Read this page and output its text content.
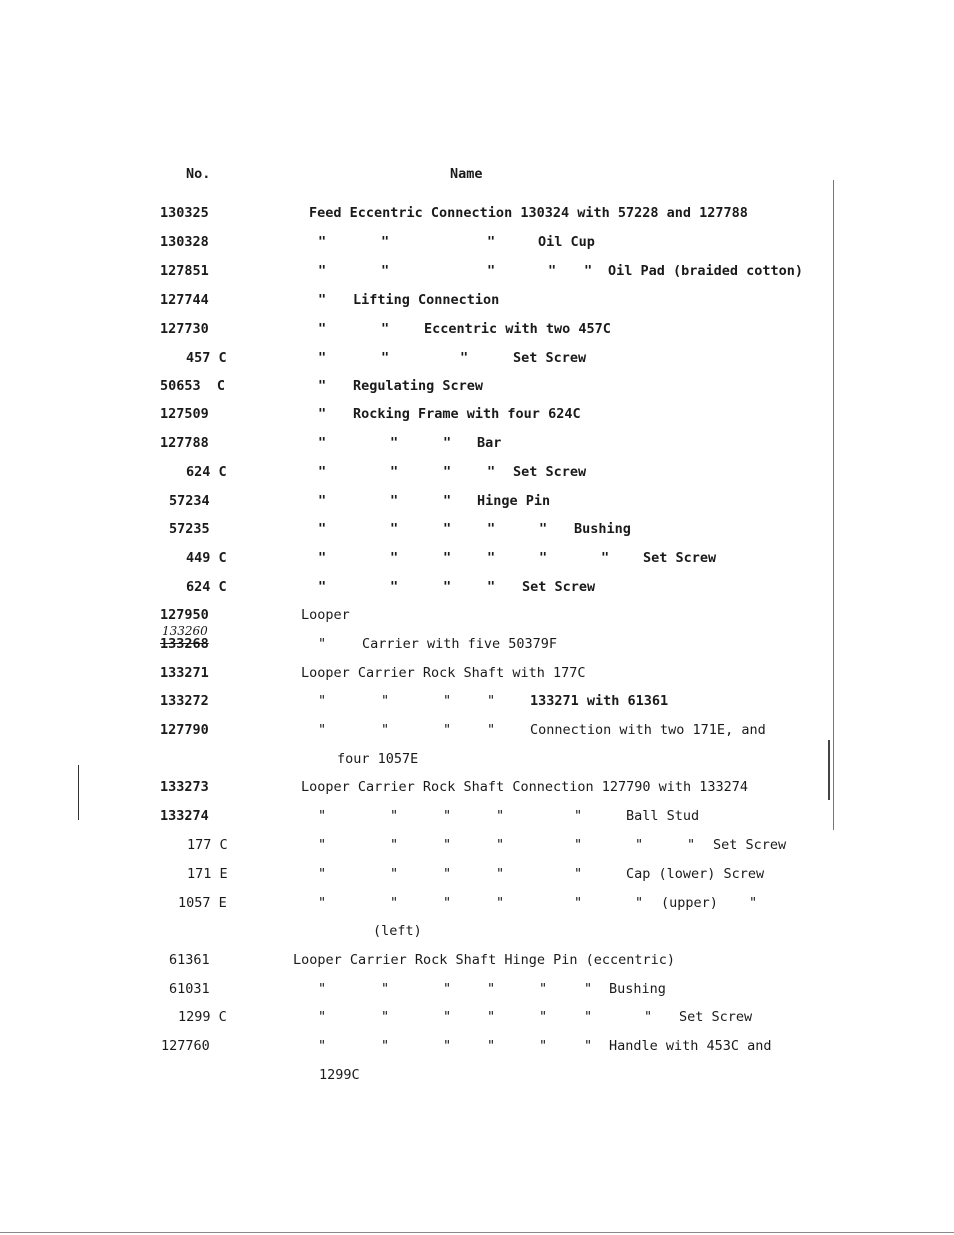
No.	Name
130325	Feed Eccentric Connection 130324 with 57228 and 127788
130328	"	"	"	Oil Cup
127851	"	"	"	" " Oil Pad (braided cotton)
127744	" Lifting Connection
127730	"	"	Eccentric with two 457C
457 C	"	"	"	Set Screw
50653  C	" Regulating Screw
127509	" Rocking Frame with four 624C
127788	"	"	" Bar
624 C	"	"	"	" Set Screw
57234	"	"	" Hinge Pin
57235	"	"	"	"	" Bushing
449 C	"	"	"	"	"	"	Set Screw
624 C	"	"	"	" Set Screw
127950	Looper
133260
133268	"	Carrier with five 50379F
133271	Looper Carrier Rock Shaft with 177C
133272	"	"	"	"	133271 with 61361
127790	"	"	"	"	Connection with two 171E, and
four 1057E
133273	Looper Carrier Rock Shaft Connection 127790 with 133274
133274	"	"	"	"	"	Ball Stud
177 C	"	"	"	"	"	"	" Set Screw
171 E	"	"	"	"	"	Cap (lower) Screw
1057 E	"	"	"	"	"	" (upper) "
(left)
61361	Looper Carrier Rock Shaft Hinge Pin (eccentric)
61031	"	"	"	"	"	" Bushing
1299 C	"	"	"	"	"	"	" Set Screw
127760	"	"	"	"	"	" Handle with 453C and
1299C
